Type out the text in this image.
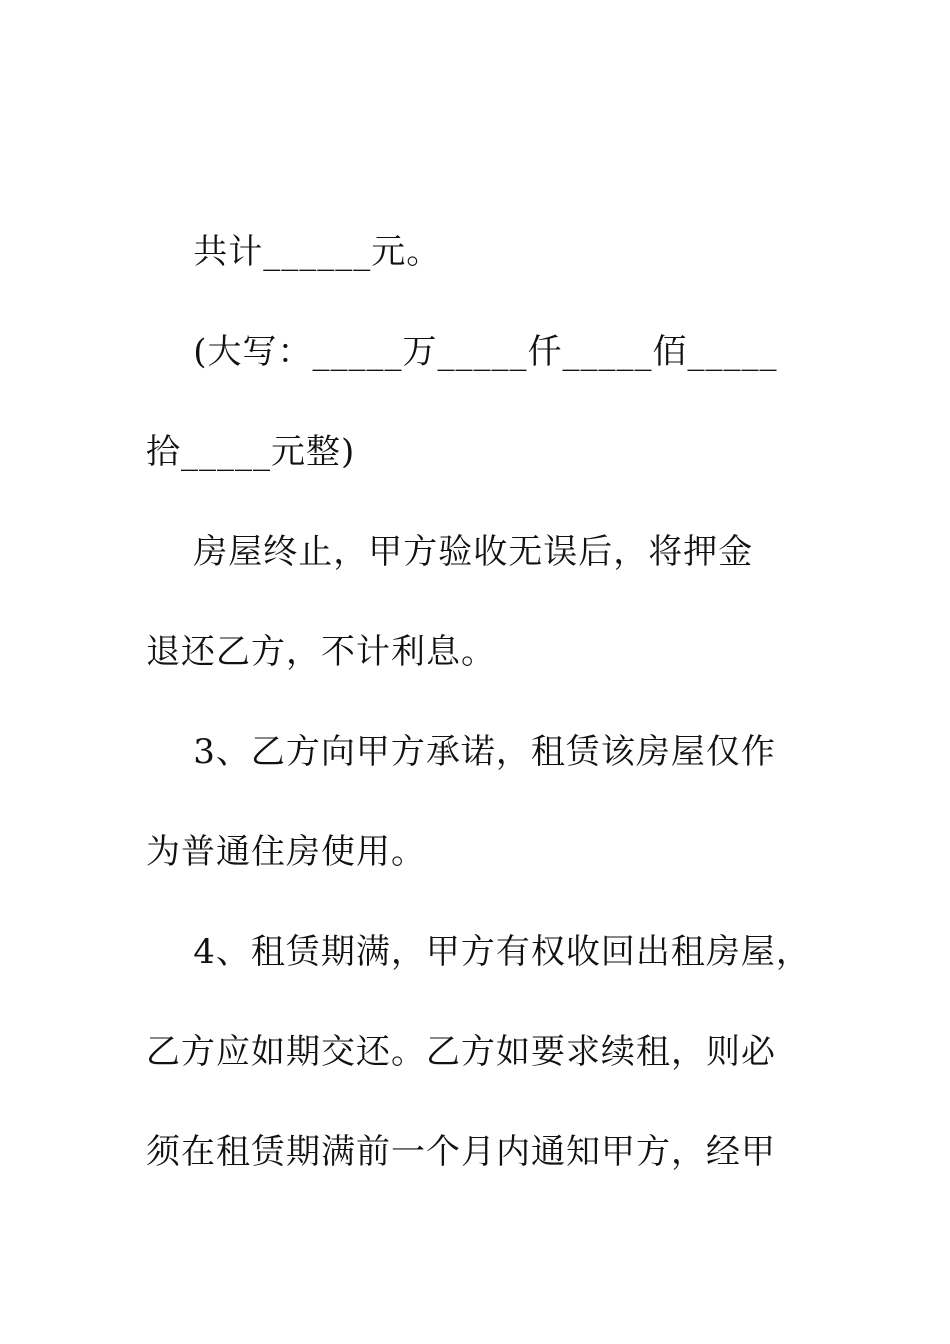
共计______元。
(大写：_____万_____仟_____佰_____
拾_____元整)
房屋终止，甲方验收无误后，将押金
退还乙方，不计利息。
3、乙方向甲方承诺，租赁该房屋仅作
为普通住房使用。
4、租赁期满，甲方有权收回出租房屋，
乙方应如期交还。乙方如要求续租，则必
须在租赁期满前一个月内通知甲方，经甲
